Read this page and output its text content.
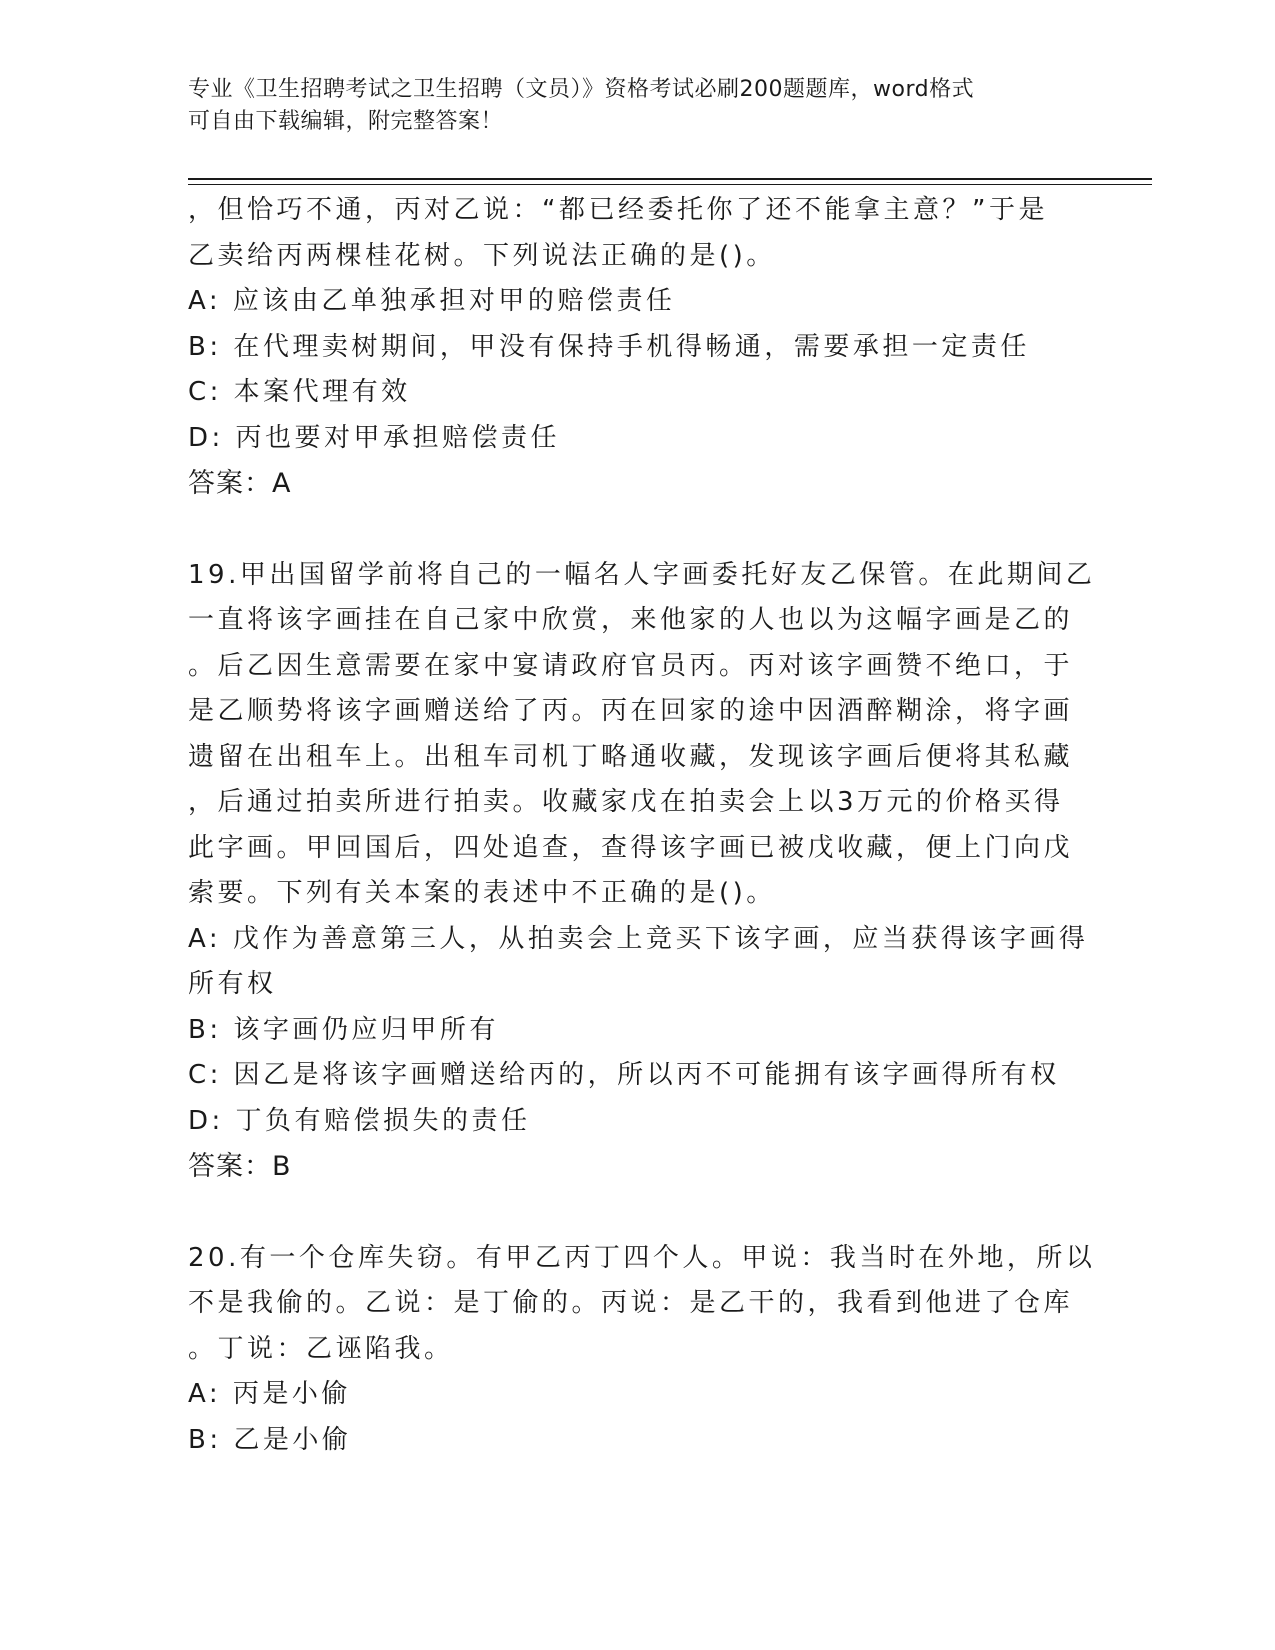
专业《卫生招聘考试之卫生招聘（文员）》资格考试必刷200题题库，word格式
可自由下载编辑，附完整答案！
，但恰巧不通，丙对乙说：“都已经委托你了还不能拿主意？”于是
乙卖给丙两棵桂花树。下列说法正确的是()。
A: 应该由乙单独承担对甲的赔偿责任
B: 在代理卖树期间，甲没有保持手机得畅通，需要承担一定责任
C: 本案代理有效
D: 丙也要对甲承担赔偿责任
答案：A
19.甲出国留学前将自己的一幅名人字画委托好友乙保管。在此期间乙
一直将该字画挂在自己家中欣赏，来他家的人也以为这幅字画是乙的
。后乙因生意需要在家中宴请政府官员丙。丙对该字画赞不绝口，于
是乙顺势将该字画赠送给了丙。丙在回家的途中因酒醉糊涂，将字画
遗留在出租车上。出租车司机丁略通收藏，发现该字画后便将其私藏
，后通过拍卖所进行拍卖。收藏家戊在拍卖会上以3万元的价格买得
此字画。甲回国后，四处追查，查得该字画已被戊收藏，便上门向戊
索要。下列有关本案的表述中不正确的是()。
A: 戊作为善意第三人，从拍卖会上竞买下该字画，应当获得该字画得
所有权
B: 该字画仍应归甲所有
C: 因乙是将该字画赠送给丙的，所以丙不可能拥有该字画得所有权
D: 丁负有赔偿损失的责任
答案：B
20.有一个仓库失窃。有甲乙丙丁四个人。甲说：我当时在外地，所以
不是我偷的。乙说：是丁偷的。丙说：是乙干的，我看到他进了仓库
。丁说：乙诬陷我。
A: 丙是小偷
B: 乙是小偷
